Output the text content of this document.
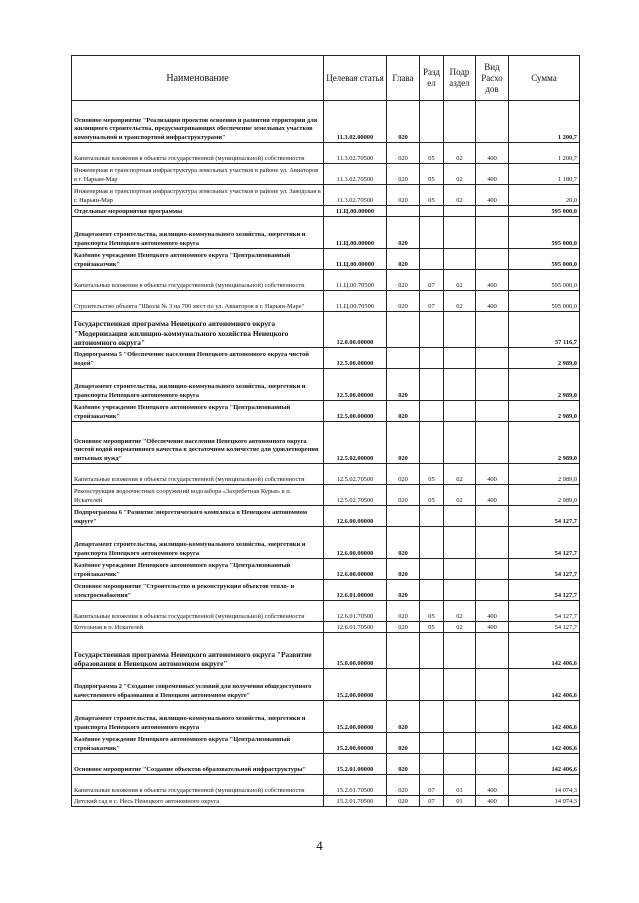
Наименование	Целевая статья	Глава	Разд ел	Подр аздел	Вид Расхо дов	Сумма
Основное мероприятие "Реализация проектов освоения и развития территории для жилищного строительства, предусматривающих обеспечение земельных участков коммунальной и транспортной инфраструктурами"	11.3.02.00000	020				1 200,7
Капитальные вложения в объекты государственной (муниципальной) собственности	11.3.02.70500	020	05	02	400	1 200,7
Инженерная и транспортная инфраструктура земельных участков в районе ул. Авиаторов в г. Нарьян-Мар	11.3.02.70500	020	05	02	400	1 180,7
Инженерная и транспортная инфраструктура земельных участков в районе ул. Заводская в г. Нарьян-Мар	11.3.02.70500	020	05	02	400	20,0
Отдельные мероприятия программы	11.Ц.00.00000					595 000,0
Департамент строительства, жилищно-коммунального хозяйства, энергетики и транспорта Ненецкого автономного округа	11.Ц.00.00000	020				595 000,0
Казённое учреждение Ненецкого автономного округа "Централизованный стройзаказчик"	11.Ц.00.00000	020				595 000,0
Капитальные вложения в объекты государственной (муниципальной) собственности	11.Ц.00.70500	020	07	02	400	595 000,0
Строительство объекта "Школа № 3 на 700 мест по ул. Авиаторов в г. Нарьян-Маре"	11.Ц.00.70500	020	07	02	400	595 000,0
Государственная программа Ненецкого автономного округа "Модернизация жилищно-коммунального хозяйства Ненецкого автономного округа"	12.0.00.00000					57 116,7
Подпрограмма 5 "Обеспечение населения Ненецкого автономного округа чистой водой"	12.5.00.00000					2 989,0
Департамент строительства, жилищно-коммунального хозяйства, энергетики и транспорта Ненецкого автономного округа	12.5.00.00000	020				2 989,0
Казённое учреждение Ненецкого автономного округа "Централизованный стройзаказчик"	12.5.00.00000	020				2 989,0
Основное мероприятие "Обеспечение населения Ненецкого автономного округа чистой водой нормативного качества в достаточном количестве для удовлетворения питьевых нужд"	12.5.02.00000	020				2 989,0
Капитальные вложения в объекты государственной (муниципальной) собственности	12.5.02.70500	020	05	02	400	2 989,0
Реконструкция водоочистных сооружений водозабора «Захребетная Курья» в п. Искателей	12.5.02.70500	020	05	02	400	2 989,0
Подпрограмма 6 "Развитие энергетического комплекса в Ненецком автономном округе"	12.6.00.00000					54 127,7
Департамент строительства, жилищно-коммунального хозяйства, энергетики и транспорта Ненецкого автономного округа	12.6.00.00000	020				54 127,7
Казённое учреждение Ненецкого автономного округа "Централизованный стройзаказчик"	12.6.00.00000	020				54 127,7
Основное мероприятие "Строительство и реконструкция объектов тепло- и электроснабжения"	12.6.01.00000	020				54 127,7
Капитальные вложения в объекты государственной (муниципальной) собственности	12.6.01.70500	020	05	02	400	54 127,7
Котельная в п. Искателей	12.6.01.70500	020	05	02	400	54 127,7
Государственная программа Ненецкого автономного округа "Развитие образования в Ненецком автономном округе"	15.0.00.00000					142 406,6
Подпрограмма 2 "Создание современных условий для получения общедоступного качественного образования в Ненецком автономном округе"	15.2.00.00000					142 406,6
Департамент строительства, жилищно-коммунального хозяйства, энергетики и транспорта Ненецкого автономного округа	15.2.00.00000	020				142 406,6
Казённое учреждение Ненецкого автономного округа "Централизованный стройзаказчик"	15.2.00.00000	020				142 406,6
Основное мероприятие "Создание объектов образовательной инфраструктуры"	15.2.01.00000	020				142 406,6
Капитальные вложения в объекты государственной (муниципальной) собственности	15.2.01.70500	020	07	01	400	14 074,3
Детский сад в с. Несь Ненецкого автономного округа	15.2.01.70500	020	07	01	400	14 074,3
4
